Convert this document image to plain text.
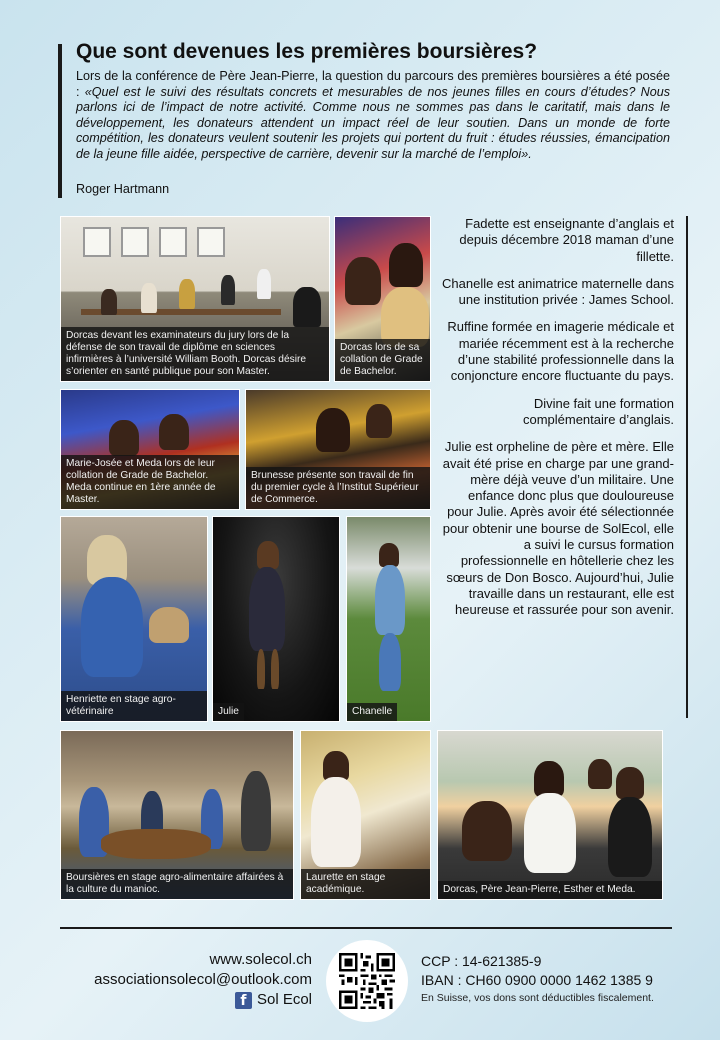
Que sont devenues les premières boursières?

Lors de la conférence de Père Jean-Pierre, la question du parcours des premières boursières a été posée : «Quel est le suivi des résultats concrets et mesurables de nos jeunes filles en cours d’études? Nous parlons ici de l’impact de notre activité. Comme nous ne sommes pas dans le caritatif, mais dans le développement, les donateurs attendent un impact réel de leur soutien. Dans un monde de forte compétition, les donateurs veulent soutenir les projets qui portent du fruit : études réussies, émancipation de la jeune fille aidée, perspective de carrière, devenir sur la marché de l’emploi».

Roger Hartmann
Dorcas devant les examinateurs du jury lors de la défense de son travail de diplôme en sciences infirmières à l’université William Booth. Dorcas désire s’orienter en santé publique pour son Master.
Dorcas lors de sa collation de Grade de Bachelor.
Marie-Josée et Meda lors de leur collation de Grade de Bachelor. Meda continue en 1ère année de Master.
Brunesse présente son travail de fin du premier cycle à l’Institut Supérieur de Commerce.
Henriette en stage agro-vétérinaire	Julie	Chanelle
Boursières en stage agro-alimentaire affairées à la culture du manioc.
Laurette en stage académique.	Dorcas, Père Jean-Pierre, Esther et Meda.

Fadette est enseignante d’anglais et depuis décembre 2018 maman d’une fillette.

Chanelle est animatrice maternelle dans une institution privée : James School.

Ruffine formée en imagerie médicale et mariée récemment est à la recherche d’une stabilité professionnelle dans la conjoncture encore fluctuante du pays.

Divine fait une formation complémentaire d’anglais.

Julie est orpheline de père et mère. Elle avait été prise en charge par une grand-mère déjà veuve d’un militaire. Une enfance donc plus que douloureuse pour Julie. Après avoir été sélectionnée pour obtenir une bourse de SolEcol, elle a suivi le cursus formation professionnelle en hôtellerie chez les sœurs de Don Bosco. Aujourd’hui, Julie travaille dans un restaurant, elle est heureuse et rassurée pour son avenir.

www.solecol.ch
associationsolecol@outlook.com
f Sol Ecol
CCP : 14-621385-9
IBAN : CH60 0900 0000 1462 1385 9
En Suisse, vos dons sont déductibles fiscalement.
